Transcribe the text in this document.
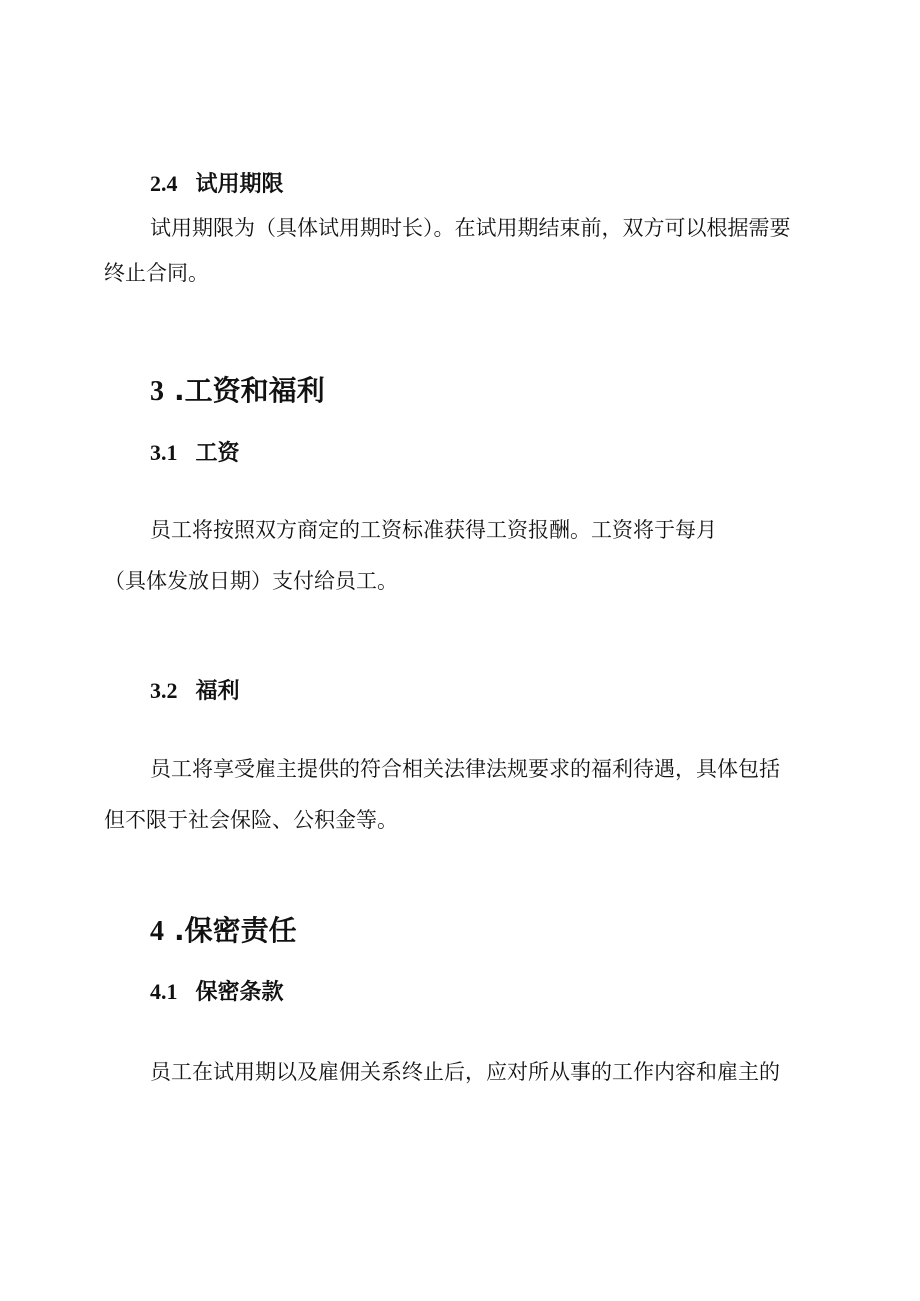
2.4 试用期限
试用期限为（具体试用期时长）。在试用期结束前，双方可以根据需要
终止合同。
3 .工资和福利
3.1 工资
员工将按照双方商定的工资标准获得工资报酬。工资将于每月
（具体发放日期）支付给员工。
3.2 福利
员工将享受雇主提供的符合相关法律法规要求的福利待遇，具体包括
但不限于社会保险、公积金等。
4 .保密责任
4.1 保密条款
员工在试用期以及雇佣关系终止后，应对所从事的工作内容和雇主的
